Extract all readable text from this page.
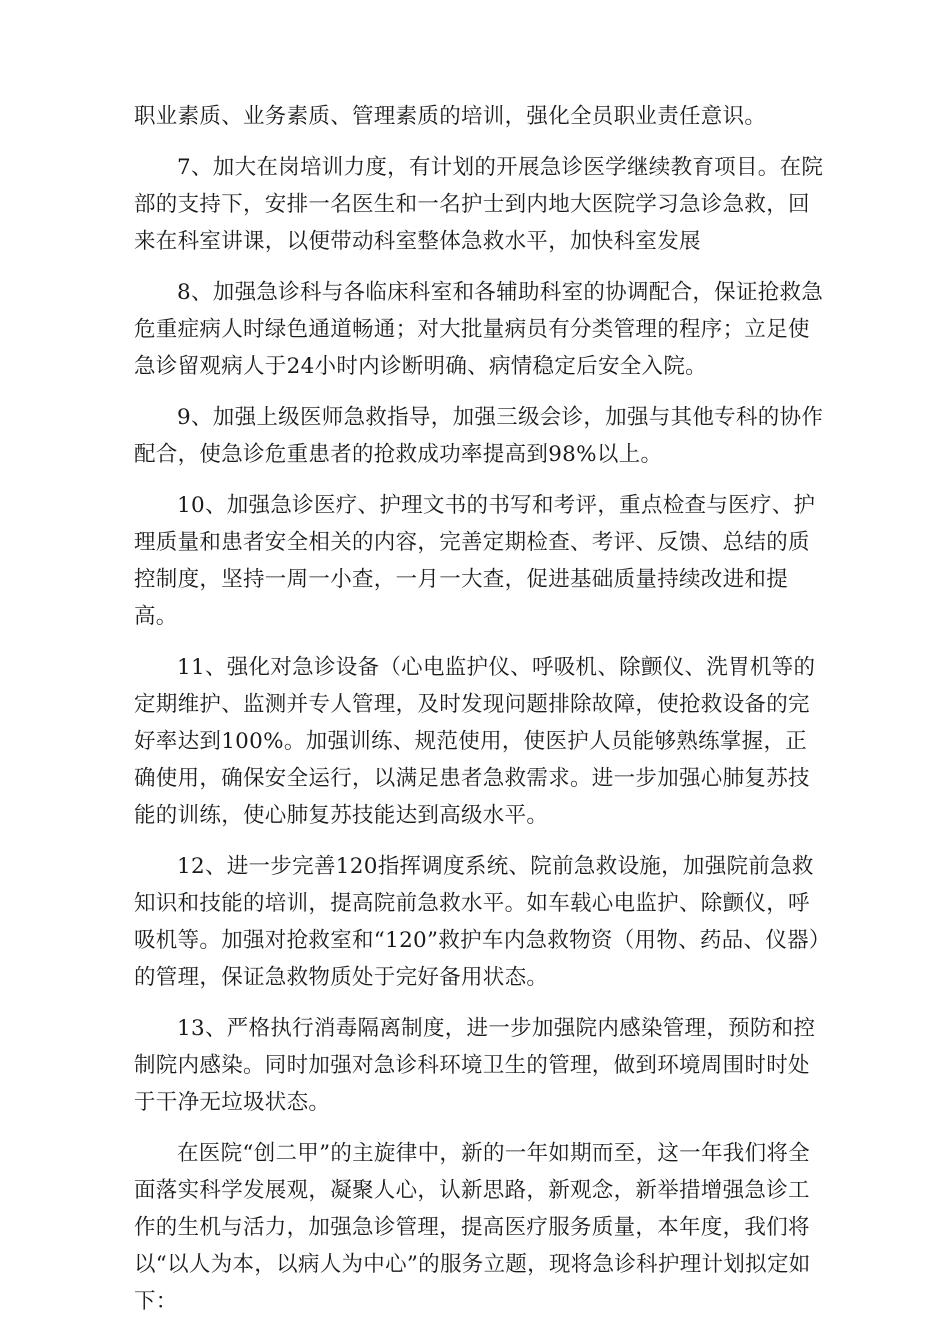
职业素质、业务素质、管理素质的培训，强化全员职业责任意识。

7、加大在岗培训力度，有计划的开展急诊医学继续教育项目。在院部的支持下，安排一名医生和一名护士到内地大医院学习急诊急救，回来在科室讲课，以便带动科室整体急救水平，加快科室发展

8、加强急诊科与各临床科室和各辅助科室的协调配合，保证抢救急危重症病人时绿色通道畅通；对大批量病员有分类管理的程序；立足使急诊留观病人于24小时内诊断明确、病情稳定后安全入院。

9、加强上级医师急救指导，加强三级会诊，加强与其他专科的协作配合，使急诊危重患者的抢救成功率提高到98%以上。

10、加强急诊医疗、护理文书的书写和考评，重点检查与医疗、护理质量和患者安全相关的内容，完善定期检查、考评、反馈、总结的质控制度，坚持一周一小查，一月一大查，促进基础质量持续改进和提高。

11、强化对急诊设备（心电监护仪、呼吸机、除颤仪、洗胃机等的定期维护、监测并专人管理，及时发现问题排除故障，使抢救设备的完好率达到100%。加强训练、规范使用，使医护人员能够熟练掌握，正确使用，确保安全运行，以满足患者急救需求。进一步加强心肺复苏技能的训练，使心肺复苏技能达到高级水平。

12、进一步完善120指挥调度系统、院前急救设施，加强院前急救知识和技能的培训，提高院前急救水平。如车载心电监护、除颤仪，呼吸机等。加强对抢救室和“120”救护车内急救物资（用物、药品、仪器）的管理，保证急救物质处于完好备用状态。

13、严格执行消毒隔离制度，进一步加强院内感染管理，预防和控制院内感染。同时加强对急诊科环境卫生的管理，做到环境周围时时处于干净无垃圾状态。

在医院“创二甲”的主旋律中，新的一年如期而至，这一年我们将全面落实科学发展观，凝聚人心，认新思路，新观念，新举措增强急诊工作的生机与活力，加强急诊管理，提高医疗服务质量，本年度，我们将以“以人为本，以病人为中心”的服务立题，现将急诊科护理计划拟定如下：
